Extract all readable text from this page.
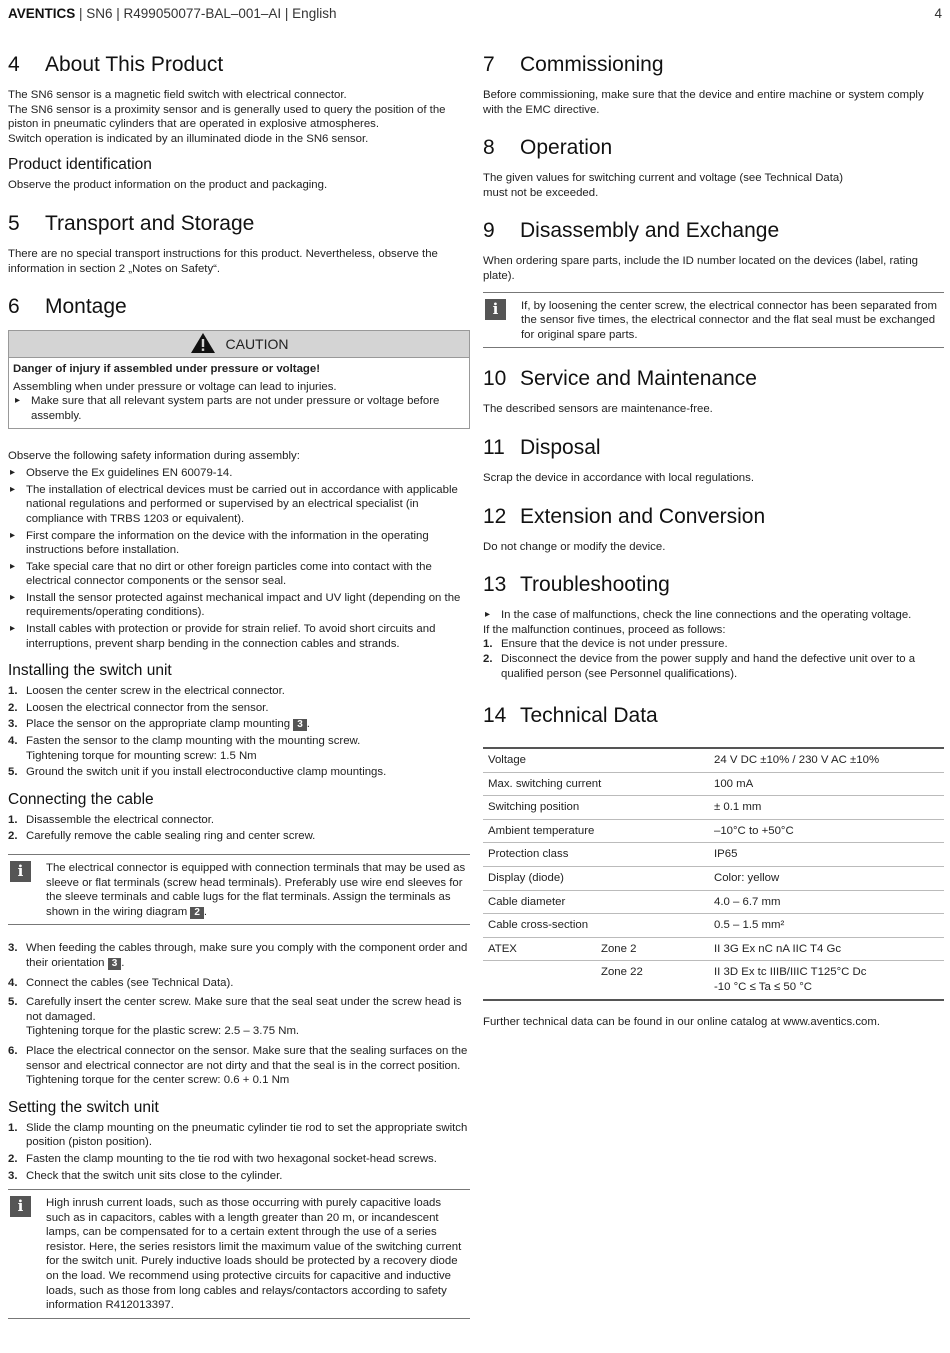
AVENTICS | SN6 | R499050077-BAL–001–AI | English	4
4 About This Product

The SN6 sensor is a magnetic field switch with electrical connector.

The SN6 sensor is a proximity sensor and is generally used to query the position of the piston in pneumatic cylinders that are operated in explosive atmospheres.

Switch operation is indicated by an illuminated diode in the SN6 sensor.

Product identification

Observe the product information on the product and packaging.

5 Transport and Storage

There are no special transport instructions for this product. Nevertheless, observe the information in section 2 „Notes on Safety“.

6 Montage
CAUTION

Danger of injury if assembled under pressure or voltage!

Assembling when under pressure or voltage can lead to injuries.

▸ Make sure that all relevant system parts are not under pressure or voltage before assembly.

Observe the following safety information during assembly:

▸ Observe the Ex guidelines EN 60079-14.
▸ The installation of electrical devices must be carried out in accordance with applicable national regulations and performed or supervised by an electrical specialist (in compliance with TRBS 1203 or equivalent).
▸ First compare the information on the device with the information in the operating instructions before installation.
▸ Take special care that no dirt or other foreign particles come into contact with the electrical connector components or the sensor seal.
▸ Install the sensor protected against mechanical impact and UV light (depending on the requirements/operating conditions).
▸ Install cables with protection or provide for strain relief. To avoid short circuits and interruptions, prevent sharp bending in the connection cables and strands.
Installing the switch unit
1. Loosen the center screw in the electrical connector.
2. Loosen the electrical connector from the sensor.
3. Place the sensor on the appropriate clamp mounting 3 .
4. Fasten the sensor to the clamp mounting with the mounting screw.
Tightening torque for mounting screw: 1.5 Nm
5. Ground the switch unit if you install electroconductive clamp mountings.
Connecting the cable
1. Disassemble the electrical connector.
2. Carefully remove the cable sealing ring and center screw.
i	The electrical connector is equipped with connection terminals that may be used as sleeve or flat terminals (screw head terminals). Preferably use wire end sleeves for the sleeve terminals and cable lugs for the flat terminals. Assign the terminals as shown in the wiring diagram 2 .
3. When feeding the cables through, make sure you comply with the component order and their orientation 3 .
4. Connect the cables (see Technical Data).
5. Carefully insert the center screw. Make sure that the seal seat under the screw head is not damaged.
Tightening torque for the plastic screw: 2.5 – 3.75 Nm.
6. Place the electrical connector on the sensor. Make sure that the sealing surfaces on the sensor and electrical connector are not dirty and that the seal is in the correct position.
Tightening torque for the center screw: 0.6 + 0.1 Nm
Setting the switch unit
1. Slide the clamp mounting on the pneumatic cylinder tie rod to set the appropriate switch position (piston position).
2. Fasten the clamp mounting to the tie rod with two hexagonal socket-head screws.
3. Check that the switch unit sits close to the cylinder.
i	High inrush current loads, such as those occurring with purely capacitive loads such as in capacitors, cables with a length greater than 20 m, or incandescent lamps, can be compensated for to a certain extent through the use of a series resistor. Here, the series resistors limit the maximum value of the switching current for the switch unit. Purely inductive loads should be protected by a recovery diode on the load. We recommend using protective circuits for capacitive and inductive loads, such as those from long cables and relays/contactors according to safety information R412013397.
7 Commissioning

Before commissioning, make sure that the device and entire machine or system comply with the EMC directive.

8 Operation

The given values for switching current and voltage (see Technical Data)

must not be exceeded.

9 Disassembly and Exchange

When ordering spare parts, include the ID number located on the devices (label, rating plate).

i	If, by loosening the center screw, the electrical connector has been separated from the sensor five times, the electrical connector and the flat seal must be exchanged for original spare parts.
10 Service and Maintenance

The described sensors are maintenance-free.

11 Disposal

Scrap the device in accordance with local regulations.

12 Extension and Conversion

Do not change or modify the device.

13 Troubleshooting
▸ In the case of malfunctions, check the line connections and the operating voltage.

If the malfunction continues, proceed as follows:

1. Ensure that the device is not under pressure.
2. Disconnect the device from the power supply and hand the defective unit over to a qualified person (see Personnel qualifications).
14 Technical Data
Voltage		24 V DC ±10% / 230 V AC ±10%
Max. switching current		100 mA
Switching position		± 0.1 mm
Ambient temperature		–10°C to +50°C
Protection class		IP65
Display (diode)		Color: yellow
Cable diameter		4.0 – 6.7 mm
Cable cross-section		0.5 – 1.5 mm²
ATEX	Zone 2	II 3G Ex nC nA IIC T4 Gc
	Zone 22	II 3D Ex tc IIIB/IIIC T125°C Dc
-10 °C ≤ Ta ≤ 50 °C

Further technical data can be found in our online catalog at www.aventics.com.
